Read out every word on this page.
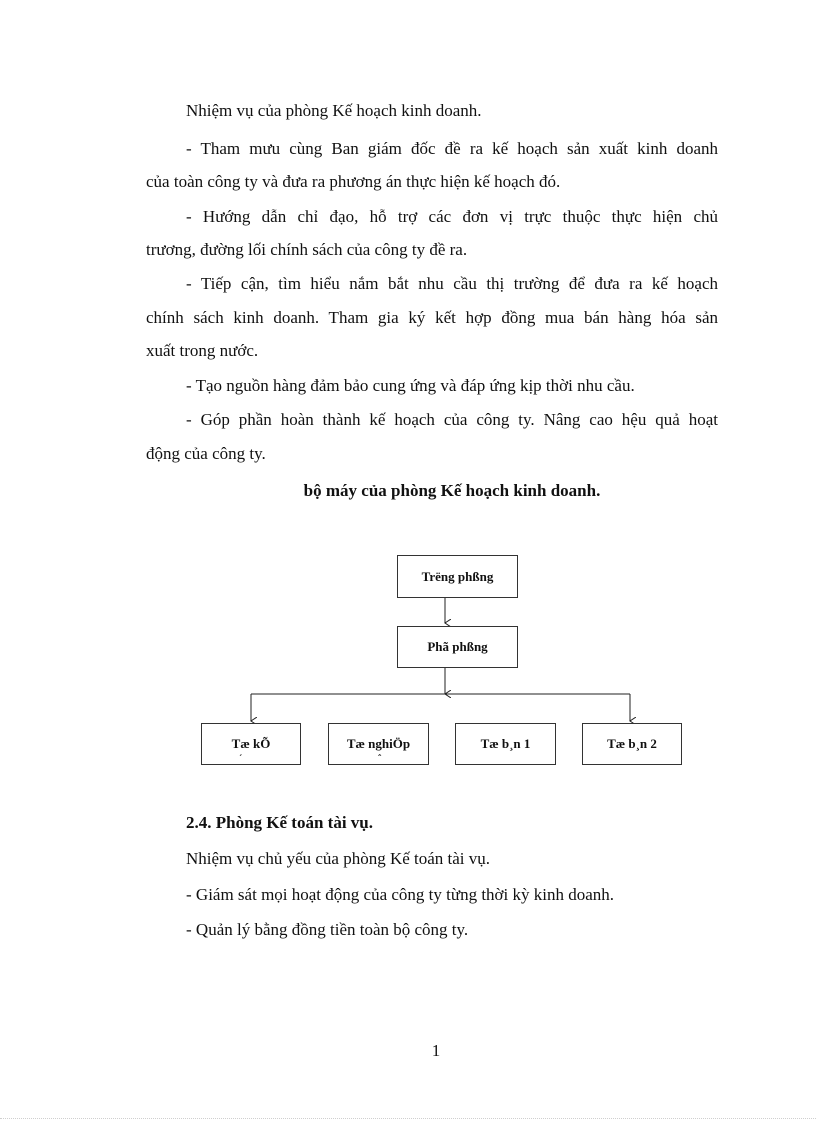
Nhiệm vụ của phòng Kế hoạch kinh doanh.
- Tham mưu cùng Ban giám đốc đề ra kế hoạch sản xuất kinh doanh
của toàn công ty và đưa ra phương án thực hiện kế hoạch đó.
- Hướng dẫn chỉ đạo, hỗ trợ các đơn vị trực thuộc thực hiện chủ
trương, đường lối chính sách của công ty đề ra.
- Tiếp cận, tìm hiểu nắm bắt nhu cầu thị trường để đưa ra kế hoạch
chính sách kinh doanh. Tham gia ký kết hợp đồng mua bán hàng hóa sản
xuất trong nước.
- Tạo nguồn hàng đảm bảo cung ứng và đáp ứng kịp thời nhu cầu.
- Góp phần hoàn thành kế hoạch của công ty. Nâng cao hệu quả hoạt
động của công ty.
bộ máy của phòng Kế hoạch kinh doanh.
Trëng phßng
Phã phßng
Tæ kÕ	Tæ nghiÖp	Tæ b¸n 1	Tæ b¸n 2
´	ˆ
2.4. Phòng Kế toán tài vụ.
Nhiệm vụ chủ yếu của phòng Kế toán tài vụ.
- Giám sát mọi hoạt động của công ty từng thời kỳ kinh doanh.
- Quản lý bằng đồng tiền toàn bộ công ty.
1
